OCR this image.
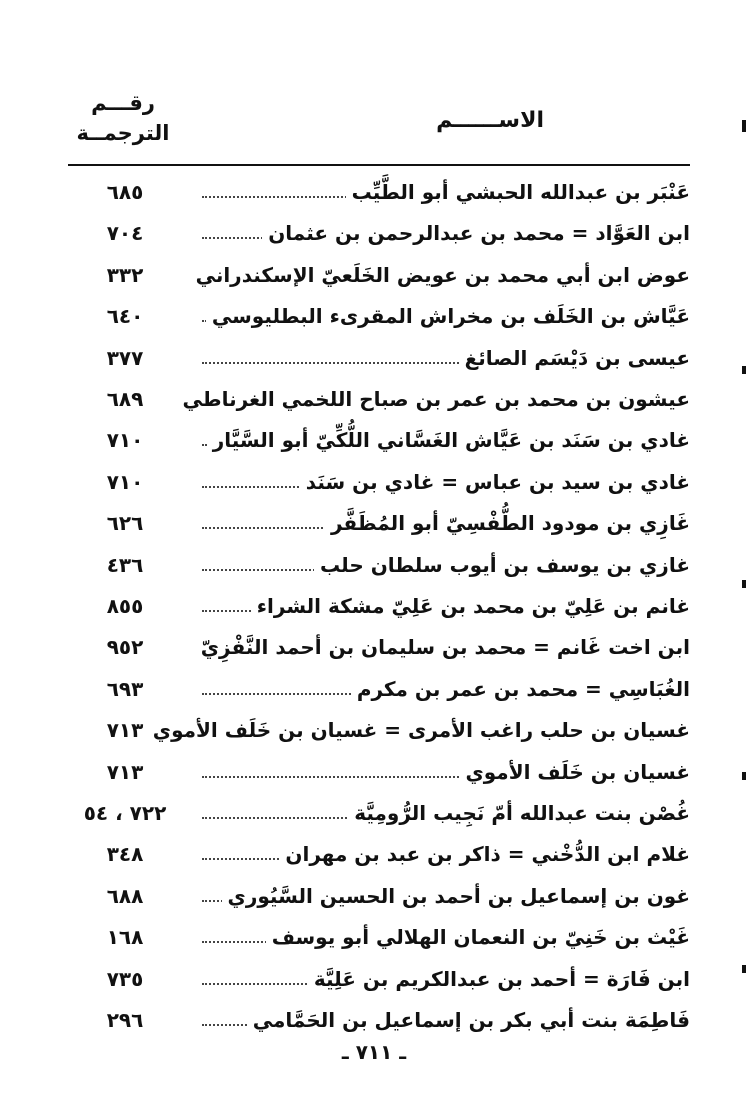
الاســــــم
رقـــم
الترجمــة
عَنْبَر بن عبدالله الحبشي أبو الطَّيِّب
٦٨٥
ابن العَوَّاد = محمد بن عبدالرحمن بن عثمان
٧٠٤
عوض ابن أبي محمد بن عويض الخَلَعيّ الإسكندراني
٣٣٢
عَيَّاش بن الخَلَف بن مخراش المقرىء البطليوسي
٦٤٠
عيسى بن دَيْسَم الصائغ
٣٧٧
عيشون بن محمد بن عمر بن صباح اللخمي الغرناطي
٦٨٩
غادي بن سَنَد بن عَيَّاش الغَسَّاني اللُّكِّيّ أبو السَّيَّار
٧١٠
غادي بن سيد بن عباس = غادي بن سَنَد
٧١٠
غَازِي بن مودود الطُّفْسِيّ أبو المُظَفَّر
٦٢٦
غازي بن يوسف بن أيوب سلطان حلب
٤٣٦
غانم بن عَلِيّ بن محمد بن عَلِيّ مشكة الشراء
٨٥٥
ابن اخت غَانم = محمد بن سليمان بن أحمد النَّفْزِيّ
٩٥٢
الغُبَاسِي = محمد بن عمر بن مكرم
٦٩٣
غسيان بن حلب راغب الأمرى = غسيان بن خَلَف الأموي
٧١٣
غسيان بن خَلَف الأموي
٧١٣
غُصْن بنت عبدالله أمّ نَجِيب الرُّومِيَّة
٧٢٢ ، ٥٤
غلام ابن الدُّخْني = ذاكر بن عبد بن مهران
٣٤٨
غون بن إسماعيل بن أحمد بن الحسين السَّيُوري
٦٨٨
غَيْث بن خَنِيّ بن النعمان الهلالي أبو يوسف
١٦٨
ابن فَارَة = أحمد بن عبدالكريم بن عَلِيَّة
٧٣٥
فَاطِمَة بنت أبي بكر بن إسماعيل بن الحَمَّامي
٢٩٦
ـ ٧١١ ـ
